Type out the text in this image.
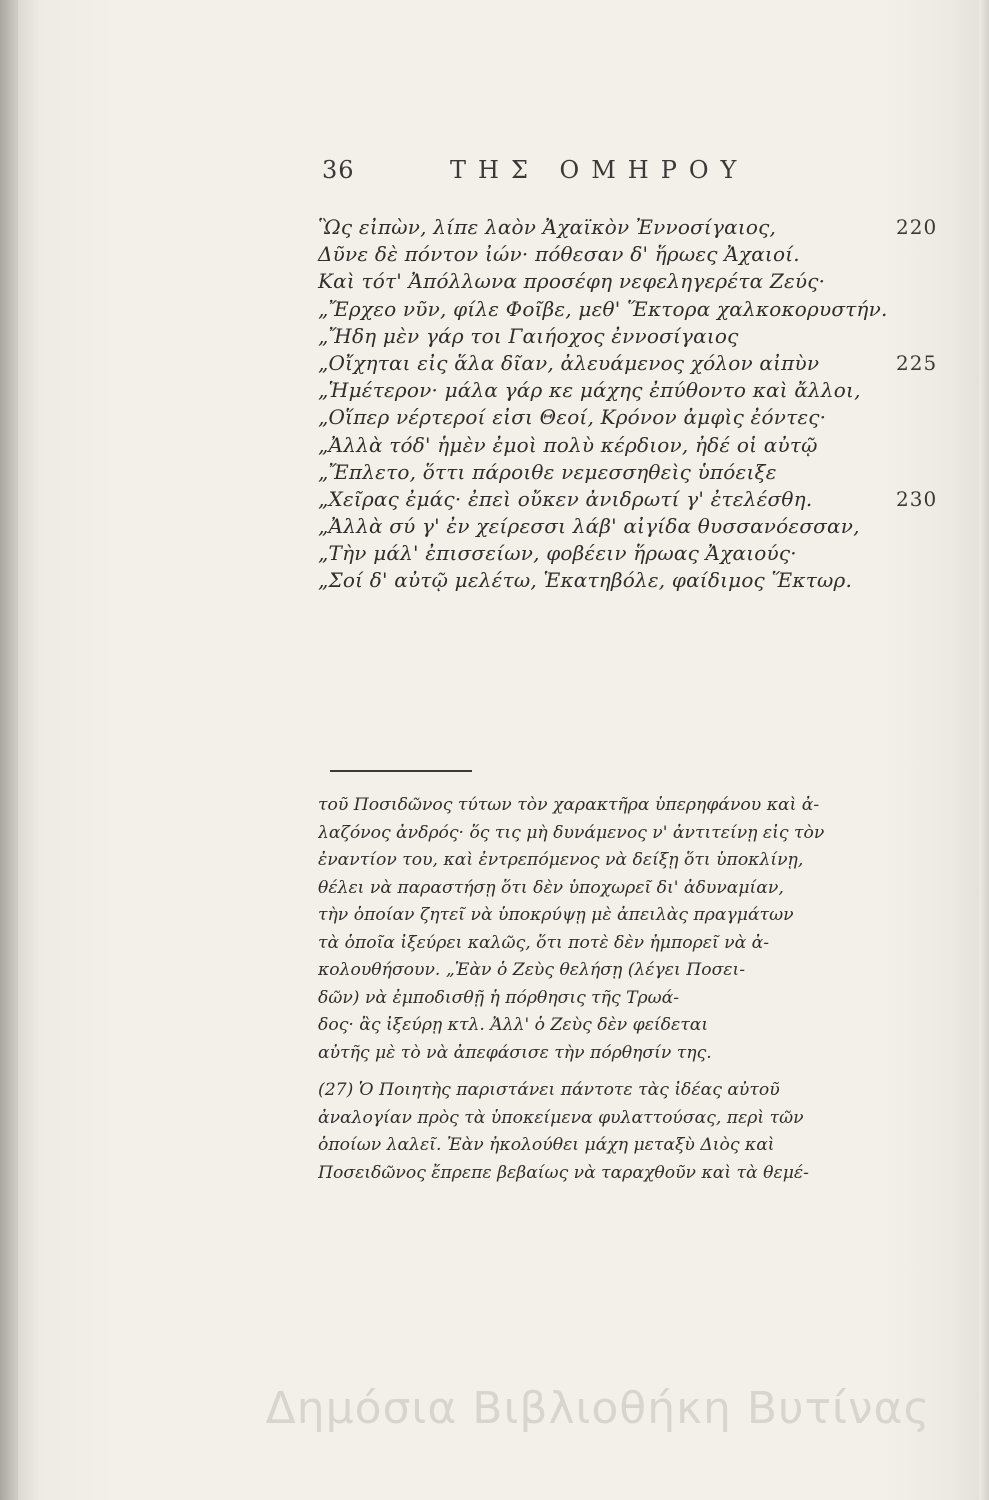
36	ΤΗΣ ΟΜΗΡΟΥ
Ὣς εἰπὼν, λίπε λαὸν Ἀχαϊκὸν Ἐννοσίγαιος,	220
Δῦνε δὲ πόντον ἰών· πόθεσαν δ' ἥρωες Ἀχαιοί.
Καὶ τότ' Ἀπόλλωνα προσέφη νεφεληγερέτα Ζεύς·
„Ἔρχεο νῦν, φίλε Φοῖβε, μεθ' Ἕκτορα χαλκοκορυστήν.
„Ἤδη μὲν γάρ τοι Γαιήοχος ἐννοσίγαιος
„Οἴχηται εἰς ἅλα δῖαν, ἀλευάμενος χόλον αἰπὺν	225
„Ἡμέτερον· μάλα γάρ κε μάχης ἐπύθοντο καὶ ἄλλοι,
„Οἵπερ νέρτεροί εἰσι Θεοί, Κρόνον ἀμφὶς ἐόντες·
„Ἀλλὰ τόδ' ἡμὲν ἐμοὶ πολὺ κέρδιον, ἠδέ οἱ αὐτῷ
„Ἔπλετο, ὅττι πάροιθε νεμεσσηθεὶς ὑπόειξε
„Χεῖρας ἐμάς· ἐπεὶ οὔκεν ἀνιδρωτί γ' ἐτελέσθη.	230
„Ἀλλὰ σύ γ' ἐν χείρεσσι λάβ' αἰγίδα θυσσανόεσσαν,
„Τὴν μάλ' ἐπισσείων, φοβέειν ἥρωας Ἀχαιούς·
„Σοί δ' αὐτῷ μελέτω, Ἑκατηβόλε, φαίδιμος Ἕκτωρ.
τοῦ Ποσιδῶνος τύτων τὸν χαρακτῆρα ὑπερηφάνου καὶ ἀ-
λαζόνος ἀνδρός· ὅς τις μὴ δυνάμενος ν' ἀντιτείνῃ εἰς τὸν
ἐναντίον του, καὶ ἐντρεπόμενος νὰ δείξῃ ὅτι ὑποκλίνῃ,
θέλει νὰ παραστήσῃ ὅτι δὲν ὑποχωρεῖ δι' ἀδυναμίαν,
τὴν ὁποίαν ζητεῖ νὰ ὑποκρύψῃ μὲ ἀπειλὰς πραγμάτων
τὰ ὁποῖα ἰξεύρει καλῶς, ὅτι ποτὲ δὲν ἠμπορεῖ νὰ ἀ-
κολουθήσουν. „Ἐὰν ὁ Ζεὺς θελήσῃ (λέγει Ποσει-
δῶν) νὰ ἐμποδισθῇ ἡ πόρθησις τῆς Τρωά-
δος· ἂς ἰξεύρῃ κτλ. Ἀλλ' ὁ Ζεὺς δὲν φείδεται
αὐτῆς μὲ τὸ νὰ ἀπεφάσισε τὴν πόρθησίν της.
(27) Ὁ Ποιητὴς παριστάνει πάντοτε τὰς ἰδέας αὐτοῦ
ἀναλογίαν πρὸς τὰ ὑποκείμενα φυλαττούσας, περὶ τῶν
ὁποίων λαλεῖ. Ἐὰν ἠκολούθει μάχη μεταξὺ Διὸς καὶ
Ποσειδῶνος ἔπρεπε βεβαίως νὰ ταραχθοῦν καὶ τὰ θεμέ-
Δημόσια Βιβλιοθήκη Βυτίνας
